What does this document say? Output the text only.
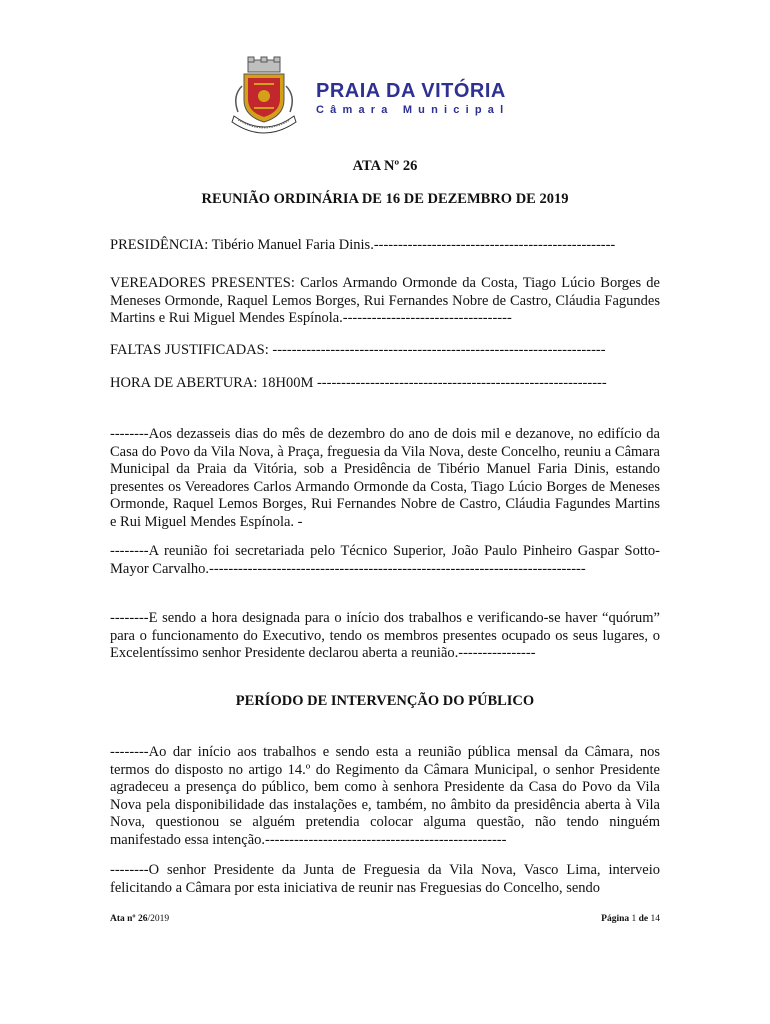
PRAIA DA VITÓRIA
Câmara Municipal
ATA Nº 26
REUNIÃO ORDINÁRIA DE 16 DE DEZEMBRO DE 2019
PRESIDÊNCIA: Tibério Manuel Faria Dinis.--------------------------------------------------
VEREADORES PRESENTES: Carlos Armando Ormonde da Costa, Tiago Lúcio Borges de Meneses Ormonde, Raquel Lemos Borges, Rui Fernandes Nobre de Castro, Cláudia Fagundes Martins e Rui Miguel Mendes Espínola.-----------------------------------
FALTAS JUSTIFICADAS: ---------------------------------------------------------------------
HORA DE ABERTURA: 18H00M ------------------------------------------------------------
--------Aos dezasseis dias do mês de dezembro do ano de dois mil e dezanove, no edifício da Casa do Povo da Vila Nova, à Praça, freguesia da Vila Nova, deste Concelho, reuniu a Câmara Municipal da Praia da Vitória, sob a Presidência de Tibério Manuel Faria Dinis, estando presentes os Vereadores Carlos Armando Ormonde da Costa, Tiago Lúcio Borges de Meneses Ormonde, Raquel Lemos Borges, Rui Fernandes Nobre de Castro, Cláudia Fagundes Martins e Rui Miguel Mendes Espínola. -
--------A reunião foi secretariada pelo Técnico Superior, João Paulo Pinheiro Gaspar Sotto-Mayor Carvalho.------------------------------------------------------------------------------
--------E sendo a hora designada para o início dos trabalhos e verificando-se haver “quórum” para o funcionamento do Executivo, tendo os membros presentes ocupado os seus lugares, o Excelentíssimo senhor Presidente declarou aberta a reunião.----------------
PERÍODO DE INTERVENÇÃO DO PÚBLICO
--------Ao dar início aos trabalhos e sendo esta a reunião pública mensal da Câmara, nos termos do disposto no artigo 14.º do Regimento da Câmara Municipal, o senhor Presidente agradeceu a presença do público, bem como à senhora Presidente da Casa do Povo da Vila Nova pela disponibilidade das instalações e, também, no âmbito da presidência aberta à Vila Nova, questionou se alguém pretendia colocar alguma questão, não tendo ninguém manifestado essa intenção.--------------------------------------------------
--------O senhor Presidente da Junta de Freguesia da Vila Nova, Vasco Lima, interveio felicitando a Câmara por esta iniciativa de reunir nas Freguesias do Concelho, sendo
Ata nº 26/2019	Página 1 de 14
